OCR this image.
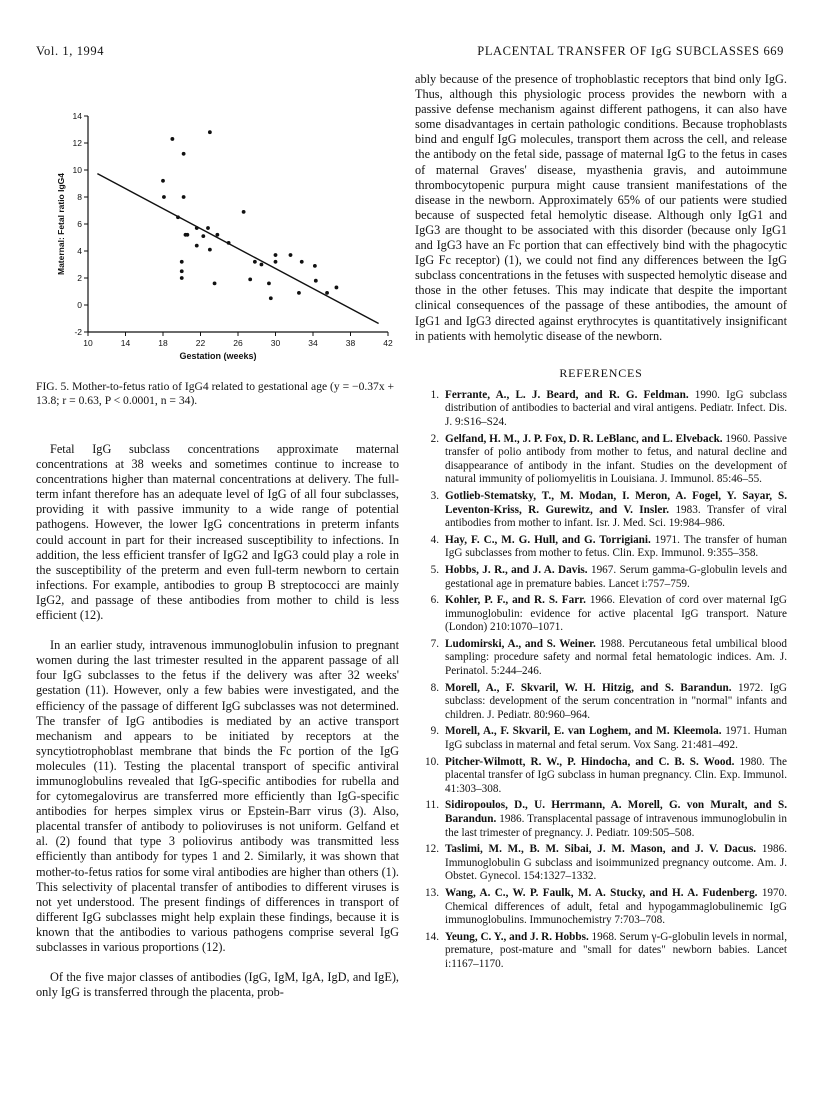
Vol. 1, 1994	PLACENTAL TRANSFER OF IgG SUBCLASSES 669
10	14	18	22	26	30	34	38	42
-2
0
2
4
6
8
10
12
14
Gestation (weeks)
Maternal: Fetal ratio IgG4
FIG. 5. Mother-to-fetus ratio of IgG4 related to gestational age (y = −0.37x + 13.8; r = 0.63, P < 0.0001, n = 34).

Fetal IgG subclass concentrations approximate maternal concentrations at 38 weeks and sometimes continue to increase to concentrations higher than maternal concentrations at delivery. The full-term infant therefore has an adequate level of IgG of all four subclasses, providing it with passive immunity to a wide range of potential pathogens. However, the lower IgG concentrations in preterm infants could account in part for their increased susceptibility to infections. In addition, the less efficient transfer of IgG2 and IgG3 could play a role in the susceptibility of the preterm and even full-term newborn to certain infections. For example, antibodies to group B streptococci are mainly IgG2, and passage of these antibodies from mother to child is less efficient (12).

In an earlier study, intravenous immunoglobulin infusion to pregnant women during the last trimester resulted in the apparent passage of all four IgG subclasses to the fetus if the delivery was after 32 weeks' gestation (11). However, only a few babies were investigated, and the efficiency of the passage of different IgG subclasses was not determined. The transfer of IgG antibodies is mediated by an active transport mechanism and appears to be initiated by receptors at the syncytiotrophoblast membrane that binds the Fc portion of the IgG molecules (11). Testing the placental transport of specific antiviral immunoglobulins revealed that IgG-specific antibodies for rubella and for cytomegalovirus are transferred more efficiently than IgG-specific antibodies for herpes simplex virus or Epstein-Barr virus (3). Also, placental transfer of antibody to polioviruses is not uniform. Gelfand et al. (2) found that type 3 poliovirus antibody was transmitted less efficiently than antibody for types 1 and 2. Similarly, it was shown that mother-to-fetus ratios for some viral antibodies are higher than others (1). This selectivity of placental transfer of antibodies to different viruses is not yet understood. The present findings of differences in transport of different IgG subclasses might help explain these findings, because it is known that the antibodies to various pathogens comprise several IgG subclasses in various proportions (12).

Of the five major classes of antibodies (IgG, IgM, IgA, IgD, and IgE), only IgG is transferred through the placenta, prob-

ably because of the presence of trophoblastic receptors that bind only IgG. Thus, although this physiologic process provides the newborn with a passive defense mechanism against different pathogens, it can also have some disadvantages in certain pathologic conditions. Because trophoblasts bind and engulf IgG molecules, transport them across the cell, and release the antibody on the fetal side, passage of maternal IgG to the fetus in cases of maternal Graves' disease, myasthenia gravis, and autoimmune thrombocytopenic purpura might cause transient manifestations of the disease in the newborn. Approximately 65% of our patients were studied because of suspected fetal hemolytic disease. Although only IgG1 and IgG3 are thought to be associated with this disorder (because only IgG1 and IgG3 have an Fc portion that can effectively bind with the phagocytic IgG Fc receptor) (1), we could not find any differences between the IgG subclass concentrations in the fetuses with suspected hemolytic disease and those in the other fetuses. This may indicate that despite the important clinical consequences of the passage of these antibodies, the amount of IgG1 and IgG3 directed against erythrocytes is quantitatively insignificant in patients with hemolytic disease of the newborn.

REFERENCES
1. Ferrante, A., L. J. Beard, and R. G. Feldman. 1990. IgG subclass distribution of antibodies to bacterial and viral antigens. Pediatr. Infect. Dis. J. 9:S16–S24.
2. Gelfand, H. M., J. P. Fox, D. R. LeBlanc, and L. Elveback. 1960. Passive transfer of polio antibody from mother to fetus, and natural decline and disappearance of antibody in the infant. Studies on the development of natural immunity of poliomyelitis in Louisiana. J. Immunol. 85:46–55.
3. Gotlieb-Stematsky, T., M. Modan, I. Meron, A. Fogel, Y. Sayar, S. Leventon-Kriss, R. Gurewitz, and V. Insler. 1983. Transfer of viral antibodies from mother to infant. Isr. J. Med. Sci. 19:984–986.
4. Hay, F. C., M. G. Hull, and G. Torrigiani. 1971. The transfer of human IgG subclasses from mother to fetus. Clin. Exp. Immunol. 9:355–358.
5. Hobbs, J. R., and J. A. Davis. 1967. Serum gamma-G-globulin levels and gestational age in premature babies. Lancet i:757–759.
6. Kohler, P. F., and R. S. Farr. 1966. Elevation of cord over maternal IgG immunoglobulin: evidence for active placental IgG transport. Nature (London) 210:1070–1071.
7. Ludomirski, A., and S. Weiner. 1988. Percutaneous fetal umbilical blood sampling: procedure safety and normal fetal hematologic indices. Am. J. Perinatol. 5:244–246.
8. Morell, A., F. Skvaril, W. H. Hitzig, and S. Barandun. 1972. IgG subclass: development of the serum concentration in "normal" infants and children. J. Pediatr. 80:960–964.
9. Morell, A., F. Skvaril, E. van Loghem, and M. Kleemola. 1971. Human IgG subclass in maternal and fetal serum. Vox Sang. 21:481–492.
10. Pitcher-Wilmott, R. W., P. Hindocha, and C. B. S. Wood. 1980. The placental transfer of IgG subclass in human pregnancy. Clin. Exp. Immunol. 41:303–308.
11. Sidiropoulos, D., U. Herrmann, A. Morell, G. von Muralt, and S. Barandun. 1986. Transplacental passage of intravenous immunoglobulin in the last trimester of pregnancy. J. Pediatr. 109:505–508.
12. Taslimi, M. M., B. M. Sibai, J. M. Mason, and J. V. Dacus. 1986. Immunoglobulin G subclass and isoimmunized pregnancy outcome. Am. J. Obstet. Gynecol. 154:1327–1332.
13. Wang, A. C., W. P. Faulk, M. A. Stucky, and H. A. Fudenberg. 1970. Chemical differences of adult, fetal and hypogammaglobulinemic IgG immunoglobulins. Immunochemistry 7:703–708.
14. Yeung, C. Y., and J. R. Hobbs. 1968. Serum γ-G-globulin levels in normal, premature, post-mature and "small for dates" newborn babies. Lancet i:1167–1170.
